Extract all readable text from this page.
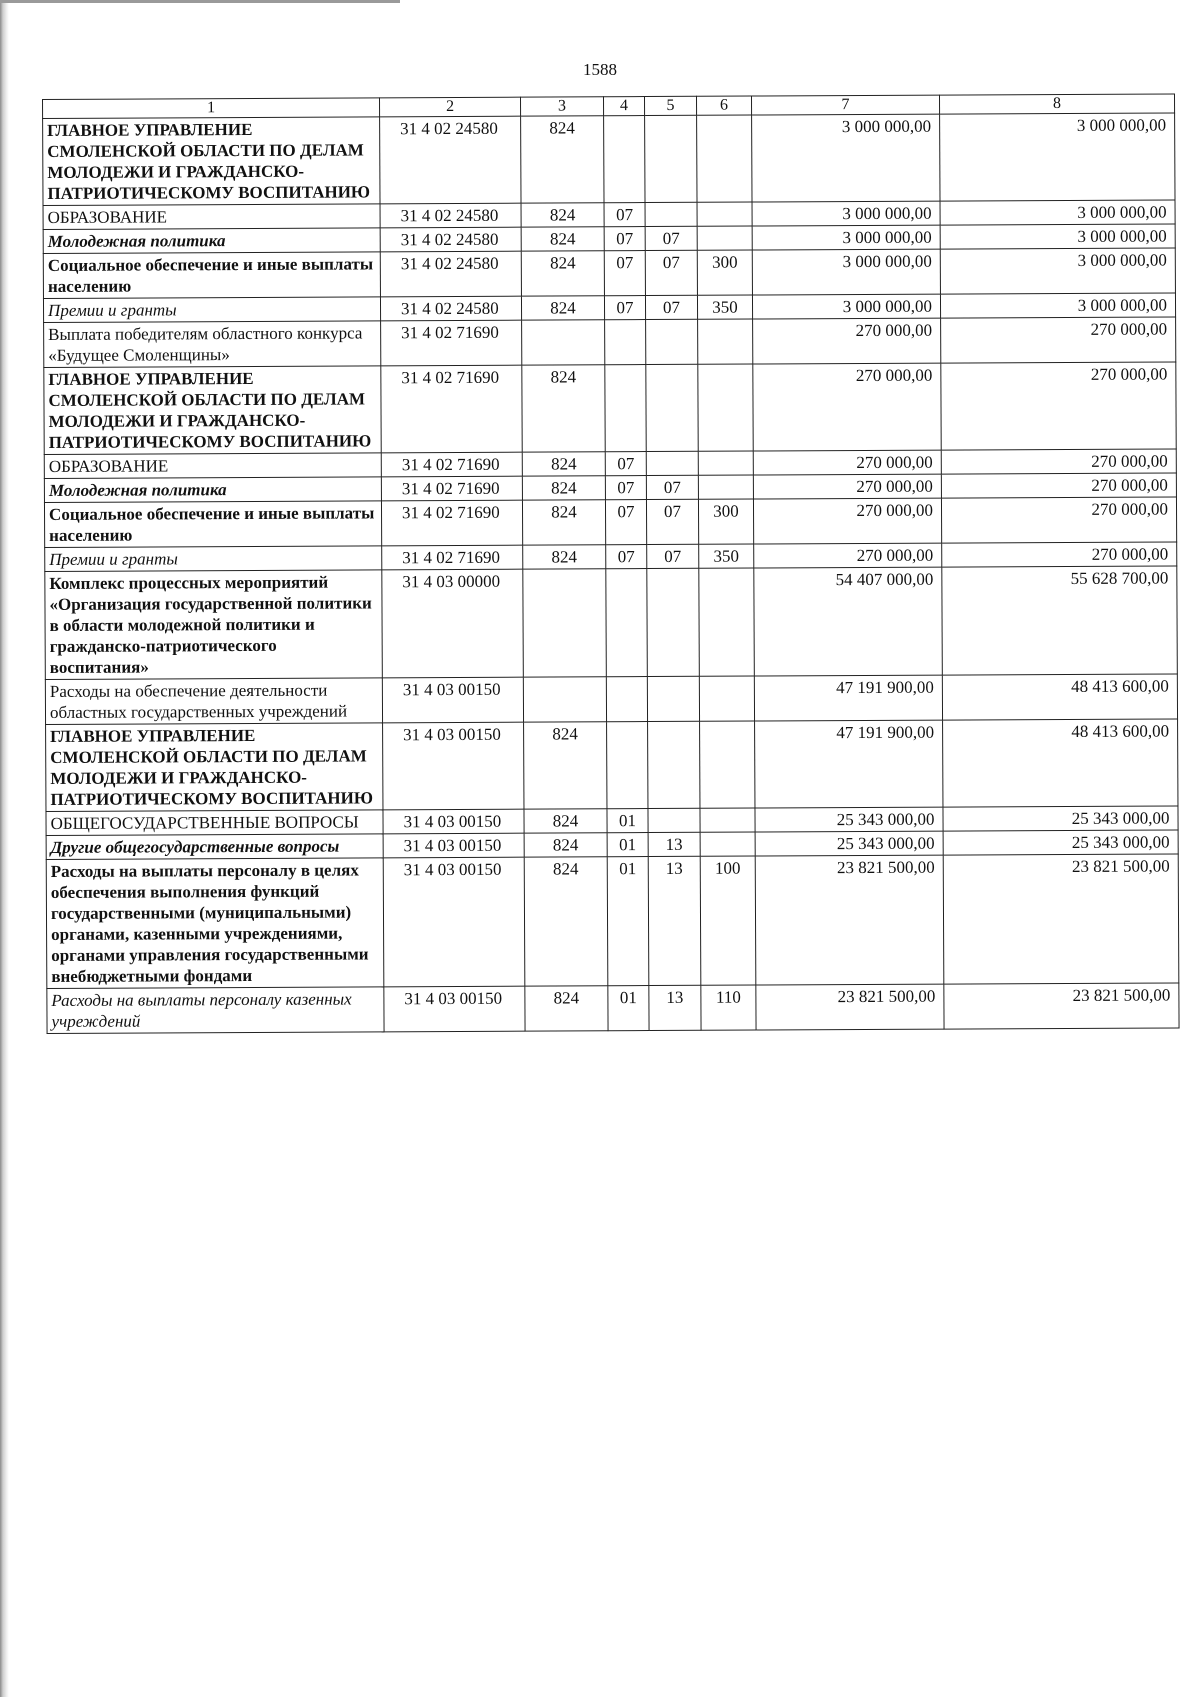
1588
1	2	3	4	5	6	7	8
ГЛАВНОЕ УПРАВЛЕНИЕ СМОЛЕНСКОЙ ОБЛАСТИ ПО ДЕЛАМ МОЛОДЕЖИ И ГРАЖДАНСКО-ПАТРИОТИЧЕСКОМУ ВОСПИТАНИЮ	31 4 02 24580	824				3 000 000,00	3 000 000,00
ОБРАЗОВАНИЕ	31 4 02 24580	824	07			3 000 000,00	3 000 000,00
Молодежная политика	31 4 02 24580	824	07	07		3 000 000,00	3 000 000,00
Социальное обеспечение и иные выплаты населению	31 4 02 24580	824	07	07	300	3 000 000,00	3 000 000,00
Премии и гранты	31 4 02 24580	824	07	07	350	3 000 000,00	3 000 000,00
Выплата победителям областного конкурса «Будущее Смоленщины»	31 4 02 71690					270 000,00	270 000,00
ГЛАВНОЕ УПРАВЛЕНИЕ СМОЛЕНСКОЙ ОБЛАСТИ ПО ДЕЛАМ МОЛОДЕЖИ И ГРАЖДАНСКО-ПАТРИОТИЧЕСКОМУ ВОСПИТАНИЮ	31 4 02 71690	824				270 000,00	270 000,00
ОБРАЗОВАНИЕ	31 4 02 71690	824	07			270 000,00	270 000,00
Молодежная политика	31 4 02 71690	824	07	07		270 000,00	270 000,00
Социальное обеспечение и иные выплаты населению	31 4 02 71690	824	07	07	300	270 000,00	270 000,00
Премии и гранты	31 4 02 71690	824	07	07	350	270 000,00	270 000,00
Комплекс процессных мероприятий «Организация государственной политики в области молодежной политики и гражданско-патриотического воспитания»	31 4 03 00000					54 407 000,00	55 628 700,00
Расходы на обеспечение деятельности областных государственных учреждений	31 4 03 00150					47 191 900,00	48 413 600,00
ГЛАВНОЕ УПРАВЛЕНИЕ СМОЛЕНСКОЙ ОБЛАСТИ ПО ДЕЛАМ МОЛОДЕЖИ И ГРАЖДАНСКО-ПАТРИОТИЧЕСКОМУ ВОСПИТАНИЮ	31 4 03 00150	824				47 191 900,00	48 413 600,00
ОБЩЕГОСУДАРСТВЕННЫЕ ВОПРОСЫ	31 4 03 00150	824	01			25 343 000,00	25 343 000,00
Другие общегосударственные вопросы	31 4 03 00150	824	01	13		25 343 000,00	25 343 000,00
Расходы на выплаты персоналу в целях обеспечения выполнения функций государственными (муниципальными) органами, казенными учреждениями, органами управления государственными внебюджетными фондами	31 4 03 00150	824	01	13	100	23 821 500,00	23 821 500,00
Расходы на выплаты персоналу казенных учреждений	31 4 03 00150	824	01	13	110	23 821 500,00	23 821 500,00
